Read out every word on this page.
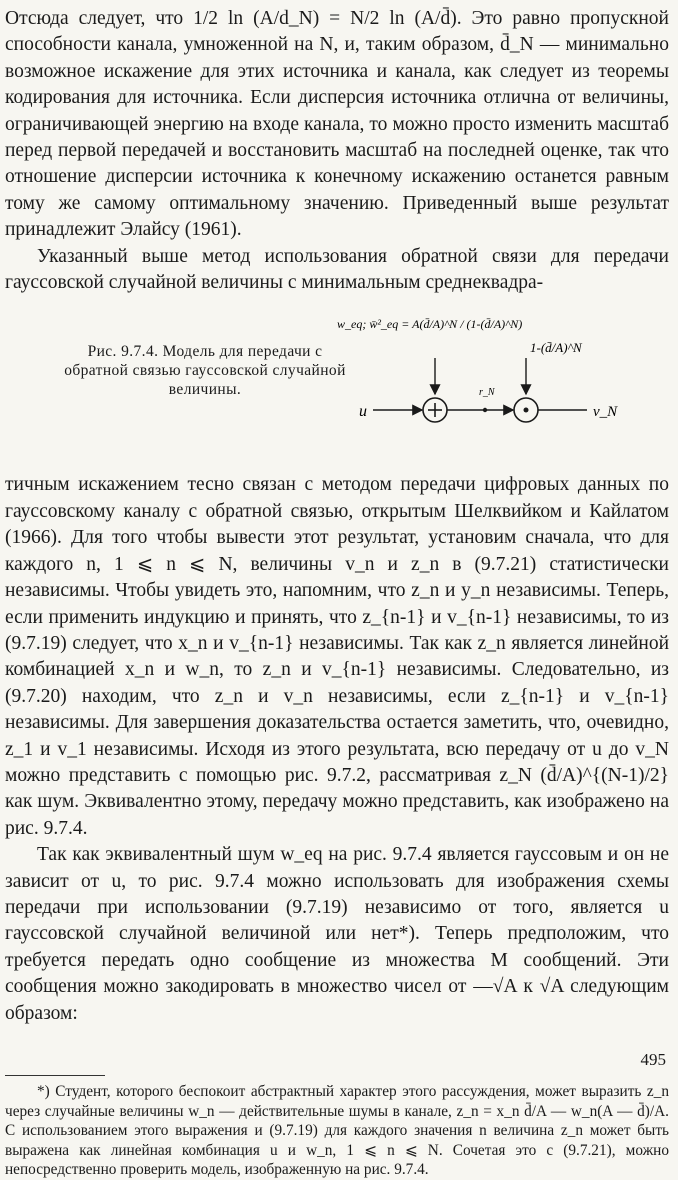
Отсюда следует, что 1/2 ln (A/d_N) = N/2 ln (A/d̄). Это равно пропускной способности канала, умноженной на N, и, таким образом, d̄_N — минимально возможное искажение для этих источника и канала, как следует из теоремы кодирования для источника. Если дисперсия источника отлична от величины, ограничивающей энергию на входе канала, то можно просто изменить масштаб перед первой передачей и восстановить масштаб на последней оценке, так что отношение дисперсии источника к конечному искажению останется равным тому же самому оптимальному значению. Приведенный выше результат принадлежит Элайсу (1961).

Указанный выше метод использования обратной связи для передачи гауссовской случайной величины с минимальным среднеквадра-

Рис. 9.7.4. Модель для передачи с обратной связью гауссовской случайной величины.
w_eq; w̄²_eq = A(d̄/A)^N / (1-(d̄/A)^N)
1-(d̄/A)^N
u
r_N
v_N

тичным искажением тесно связан с методом передачи цифровых данных по гауссовскому каналу с обратной связью, открытым Шелквийком и Кайлатом (1966). Для того чтобы вывести этот результат, установим сначала, что для каждого n, 1 ⩽ n ⩽ N, величины v_n и z_n в (9.7.21) статистически независимы. Чтобы увидеть это, напомним, что z_n и y_n независимы. Теперь, если применить индукцию и принять, что z_{n-1} и v_{n-1} независимы, то из (9.7.19) следует, что x_n и v_{n-1} независимы. Так как z_n является линейной комбинацией x_n и w_n, то z_n и v_{n-1} независимы. Следовательно, из (9.7.20) находим, что z_n и v_n независимы, если z_{n-1} и v_{n-1} независимы. Для завершения доказательства остается заметить, что, очевидно, z_1 и v_1 независимы. Исходя из этого результата, всю передачу от u до v_N можно представить с помощью рис. 9.7.2, рассматривая z_N (d̄/A)^{(N-1)/2} как шум. Эквивалентно этому, передачу можно представить, как изображено на рис. 9.7.4.

Так как эквивалентный шум w_eq на рис. 9.7.4 является гауссовым и он не зависит от u, то рис. 9.7.4 можно использовать для изображения схемы передачи при использовании (9.7.19) независимо от того, является u гауссовской случайной величиной или нет*). Теперь предположим, что требуется передать одно сообщение из множества M сообщений. Эти сообщения можно закодировать в множество чисел от —√A к √A следующим образом:

*) Студент, которого беспокоит абстрактный характер этого рассуждения, может выразить z_n через случайные величины w_n — действительные шумы в канале, z_n = x_n d̄/A — w_n(A — d̄)/A. С использованием этого выражения и (9.7.19) для каждого значения n величина z_n может быть выражена как линейная комбинация u и w_n, 1 ⩽ n ⩽ N. Сочетая это с (9.7.21), можно непосредственно проверить модель, изображенную на рис. 9.7.4.

495
